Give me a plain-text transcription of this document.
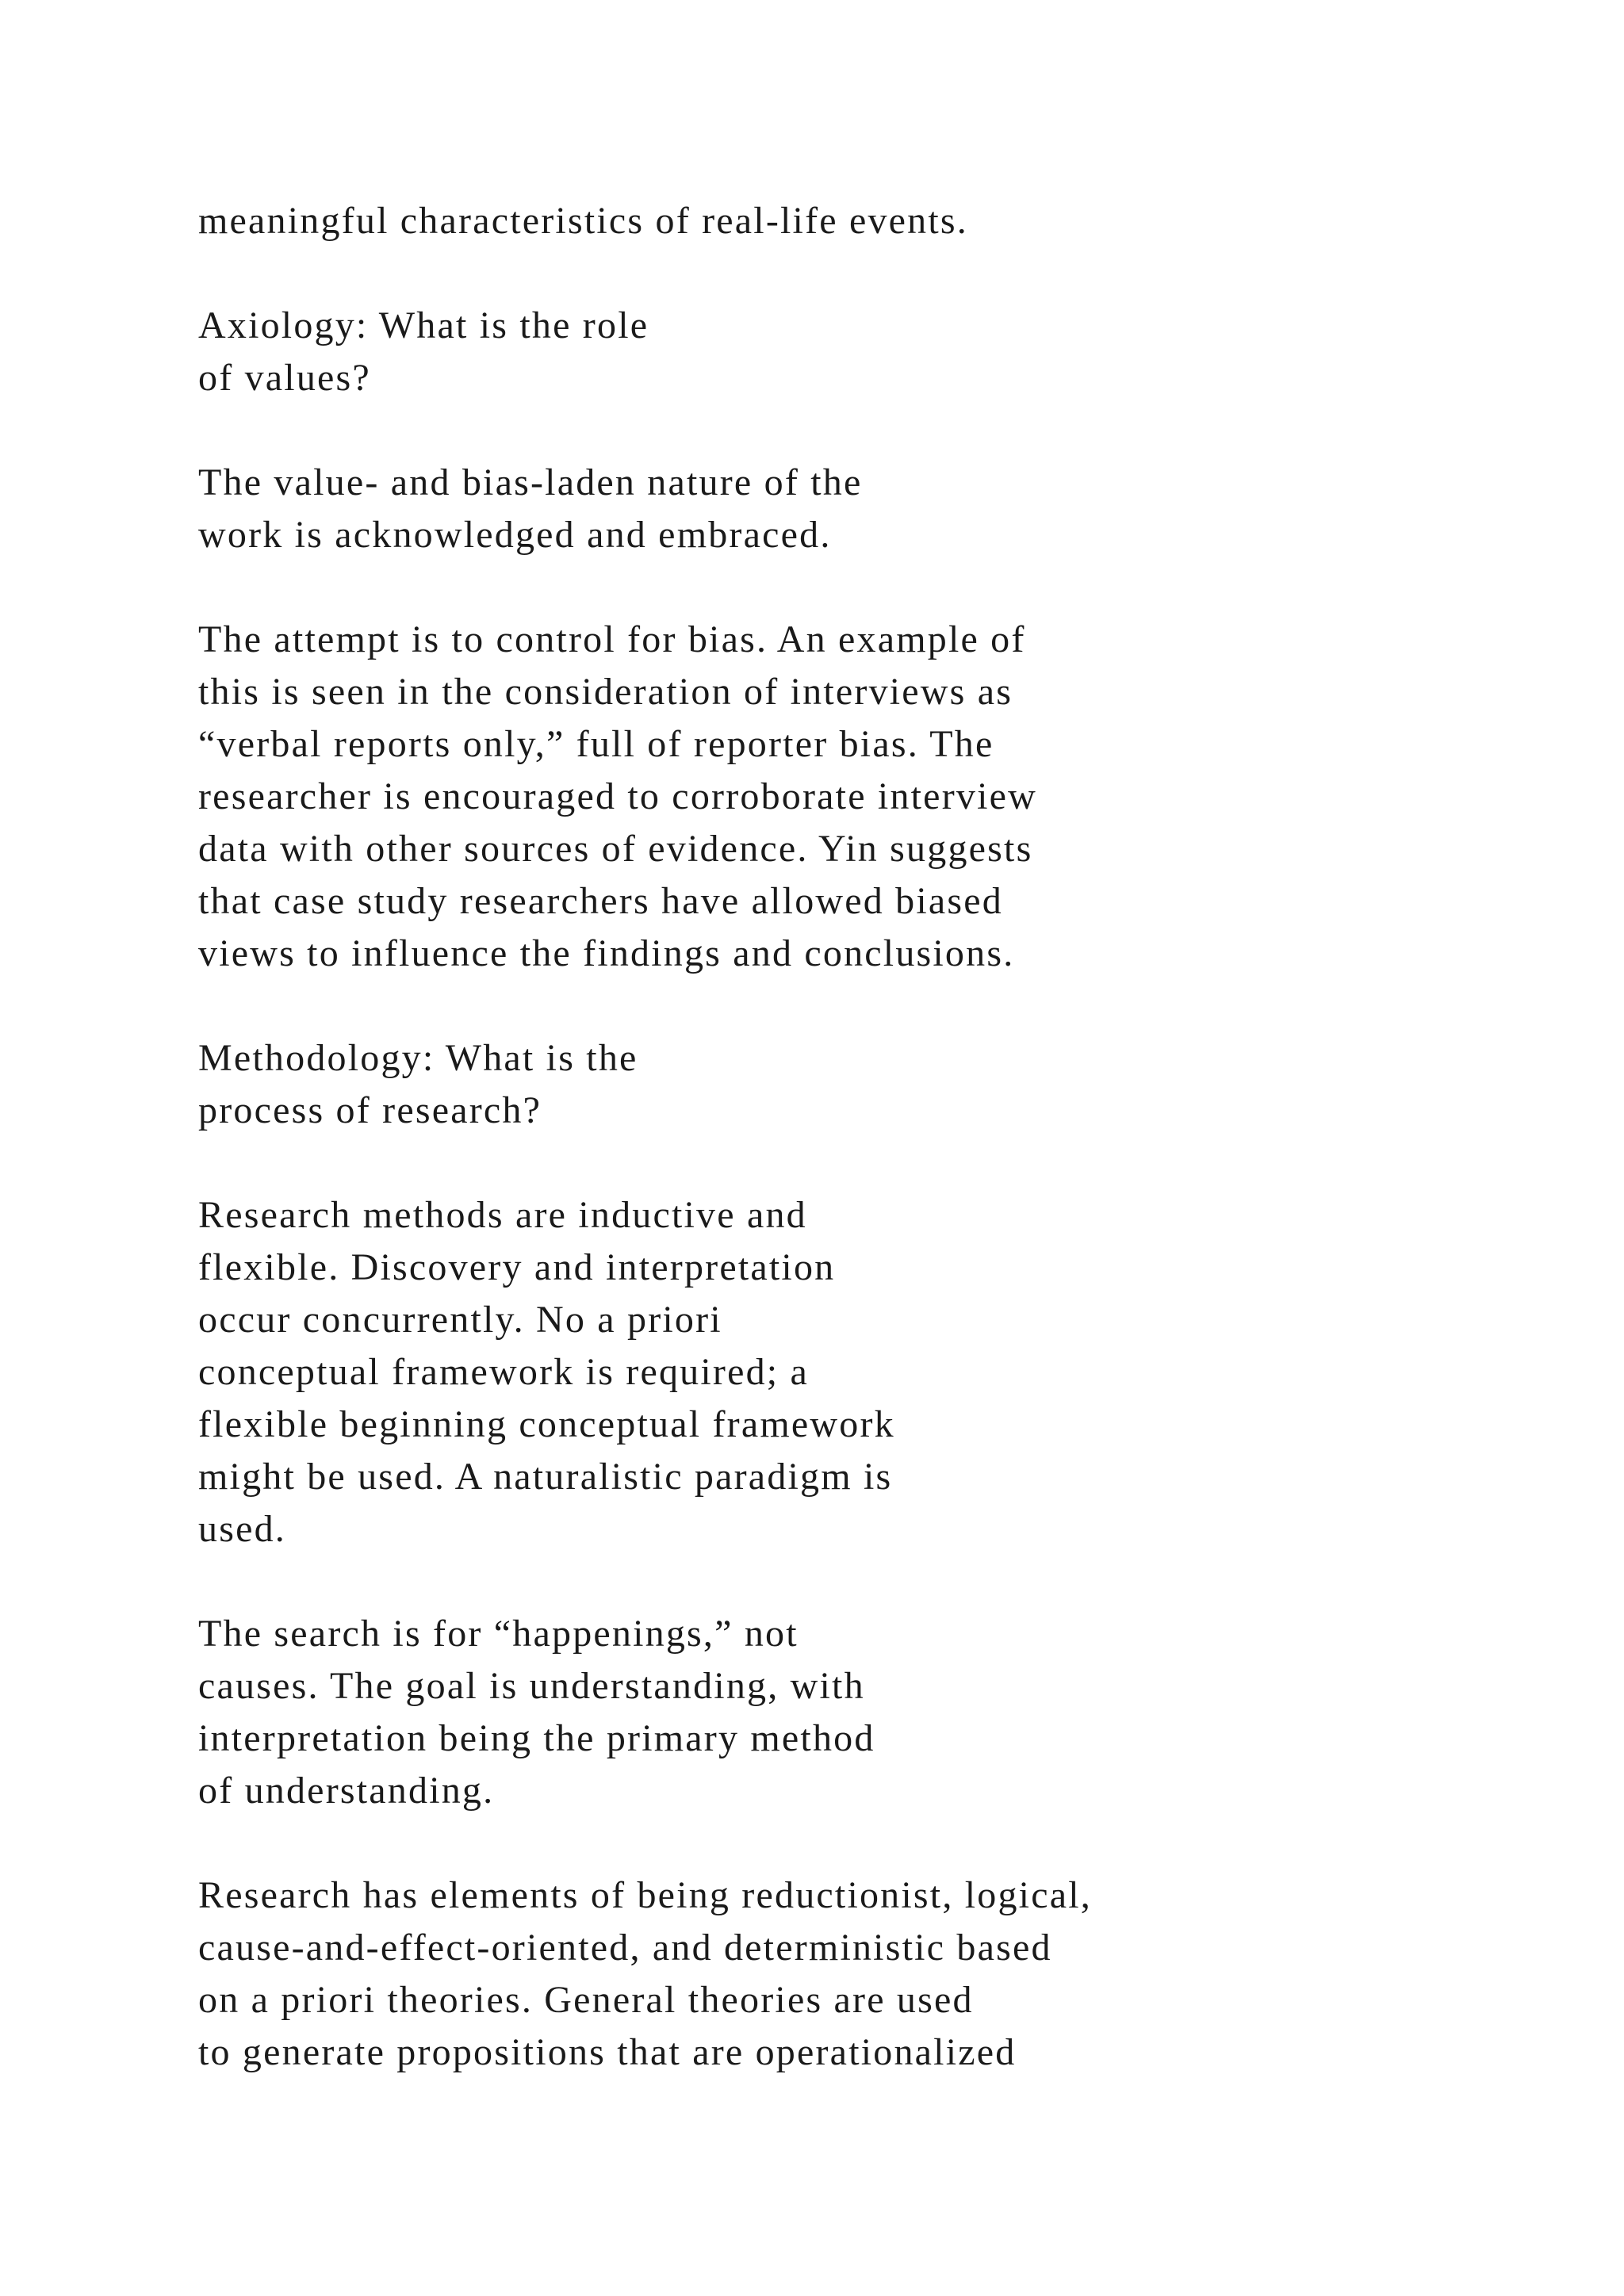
meaningful characteristics of real-life events.
Axiology: What is the role
of values?
The value- and bias-laden nature of the
work is acknowledged and embraced.
The attempt is to control for bias. An example of
this is seen in the consideration of interviews as
“verbal reports only,” full of reporter bias. The
researcher is encouraged to corroborate interview
data with other sources of evidence. Yin suggests
that case study researchers have allowed biased
views to influence the findings and conclusions.
Methodology: What is the
process of research?
Research methods are inductive and
flexible. Discovery and interpretation
occur concurrently. No a priori
conceptual framework is required; a
flexible beginning conceptual framework
might be used. A naturalistic paradigm is
used.
The search is for “happenings,” not
causes. The goal is understanding, with
interpretation being the primary method
of understanding.
Research has elements of being reductionist, logical,
cause-and-effect-oriented, and deterministic based
on a priori theories. General theories are used
to generate propositions that are operationalized
